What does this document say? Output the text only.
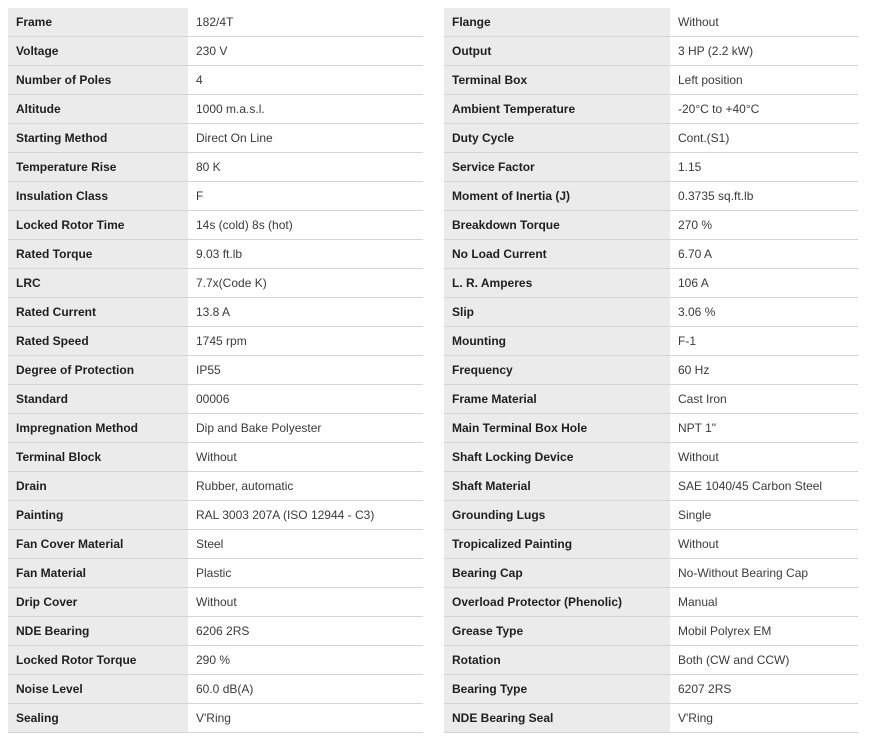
Frame	182/4T
Voltage	230 V
Number of Poles	4
Altitude	1000 m.a.s.l.
Starting Method	Direct On Line
Temperature Rise	80 K
Insulation Class	F
Locked Rotor Time	14s (cold) 8s (hot)
Rated Torque	9.03 ft.lb
LRC	7.7x(Code K)
Rated Current	13.8 A
Rated Speed	1745 rpm
Degree of Protection	IP55
Standard	00006
Impregnation Method	Dip and Bake Polyester
Terminal Block	Without
Drain	Rubber, automatic
Painting	RAL 3003 207A (ISO 12944 - C3)
Fan Cover Material	Steel
Fan Material	Plastic
Drip Cover	Without
NDE Bearing	6206 2RS
Locked Rotor Torque	290 %
Noise Level	60.0 dB(A)
Sealing	V'Ring
Flange	Without
Output	3 HP (2.2 kW)
Terminal Box	Left position
Ambient Temperature	-20°C to +40°C
Duty Cycle	Cont.(S1)
Service Factor	1.15
Moment of Inertia (J)	0.3735 sq.ft.lb
Breakdown Torque	270 %
No Load Current	6.70 A
L. R. Amperes	106 A
Slip	3.06 %
Mounting	F-1
Frequency	60 Hz
Frame Material	Cast Iron
Main Terminal Box Hole	NPT 1"
Shaft Locking Device	Without
Shaft Material	SAE 1040/45 Carbon Steel
Grounding Lugs	Single
Tropicalized Painting	Without
Bearing Cap	No-Without Bearing Cap
Overload Protector (Phenolic)	Manual
Grease Type	Mobil Polyrex EM
Rotation	Both (CW and CCW)
Bearing Type	6207 2RS
NDE Bearing Seal	V'Ring
